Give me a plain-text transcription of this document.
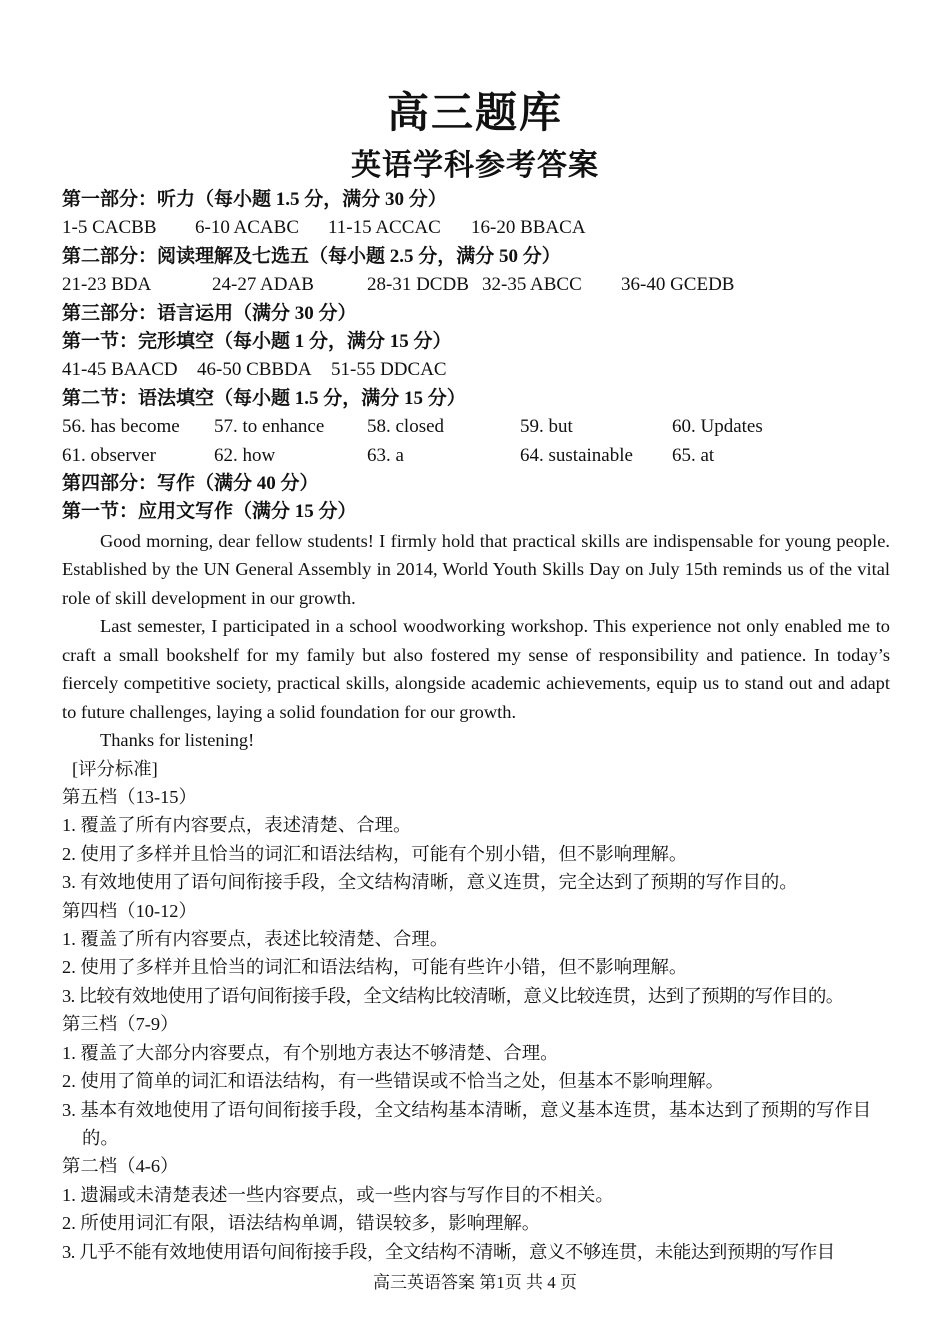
高三题库
英语学科参考答案
第一部分：听力（每小题 1.5 分，满分 30 分）
1-5 CACBB	6-10 ACABC	11-15 ACCAC	16-20 BBACA
第二部分：阅读理解及七选五（每小题 2.5 分，满分 50 分）
21-23 BDA	24-27 ADAB	28-31 DCDB 32-35 ABCC	36-40 GCEDB
第三部分：语言运用（满分 30 分）
第一节：完形填空（每小题 1 分，满分 15 分）
41-45 BAACD	46-50 CBBDA	51-55 DDCAC
第二节：语法填空（每小题 1.5 分，满分 15 分）
56. has become	57. to enhance	58. closed	59. but	60. Updates
61. observer	62. how	63. a	64. sustainable	65. at
第四部分：写作（满分 40 分）
第一节：应用文写作（满分 15 分）

Good morning, dear fellow students! I firmly hold that practical skills are indispensable for young people. Established by the UN General Assembly in 2014, World Youth Skills Day on July 15th reminds us of the vital role of skill development in our growth.

Last semester, I participated in a school woodworking workshop. This experience not only enabled me to craft a small bookshelf for my family but also fostered my sense of responsibility and patience. In today’s fiercely competitive society, practical skills, alongside academic achievements, equip us to stand out and adapt to future challenges, laying a solid foundation for our growth.

Thanks for listening!

[评分标准]
第五档（13-15）

1. 覆盖了所有内容要点，表述清楚、合理。

2. 使用了多样并且恰当的词汇和语法结构，可能有个别小错，但不影响理解。

3. 有效地使用了语句间衔接手段，全文结构清晰，意义连贯，完全达到了预期的写作目的。

第四档（10-12）

1. 覆盖了所有内容要点，表述比较清楚、合理。

2. 使用了多样并且恰当的词汇和语法结构，可能有些许小错，但不影响理解。

3. 比较有效地使用了语句间衔接手段，全文结构比较清晰，意义比较连贯，达到了预期的写作目的。

第三档（7-9）

1. 覆盖了大部分内容要点，有个别地方表达不够清楚、合理。

2. 使用了简单的词汇和语法结构，有一些错误或不恰当之处，但基本不影响理解。

3. 基本有效地使用了语句间衔接手段，全文结构基本清晰，意义基本连贯，基本达到了预期的写作目的。

第二档（4-6）

1. 遗漏或未清楚表述一些内容要点，或一些内容与写作目的不相关。

2. 所使用词汇有限，语法结构单调，错误较多，影响理解。

3. 几乎不能有效地使用语句间衔接手段，全文结构不清晰，意义不够连贯，未能达到预期的写作目

高三英语答案 第1页 共 4 页
